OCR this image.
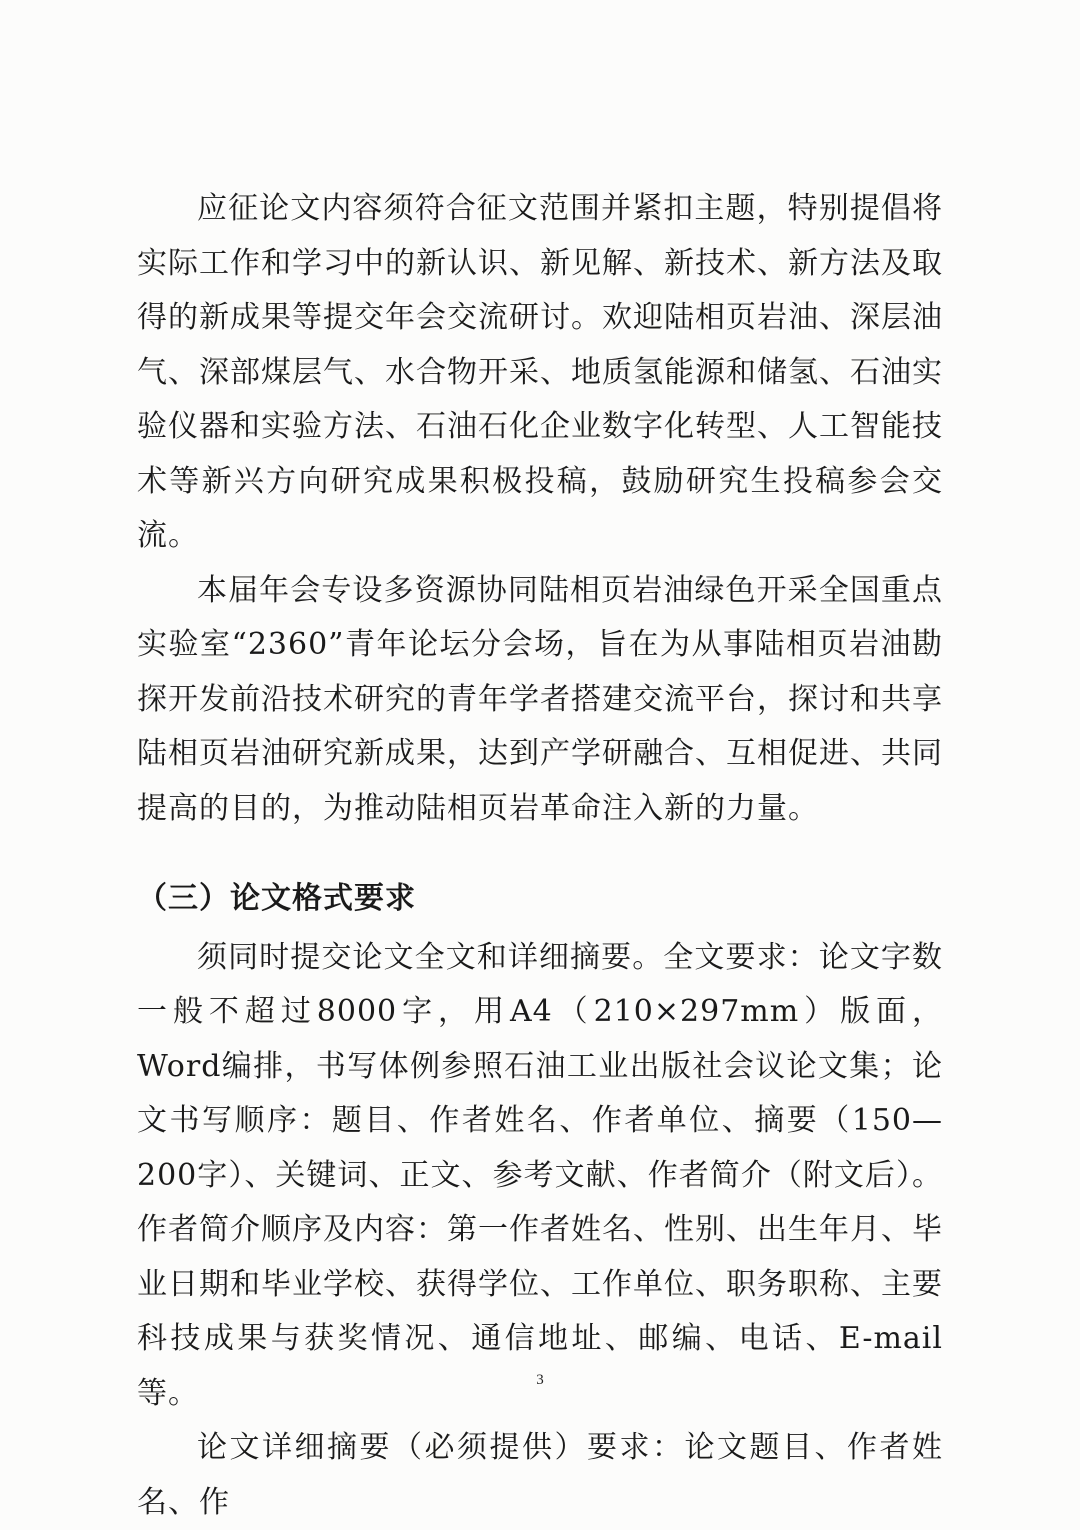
应征论文内容须符合征文范围并紧扣主题，特别提倡将实际工作和学习中的新认识、新见解、新技术、新方法及取得的新成果等提交年会交流研讨。欢迎陆相页岩油、深层油气、深部煤层气、水合物开采、地质氢能源和储氢、石油实验仪器和实验方法、石油石化企业数字化转型、人工智能技术等新兴方向研究成果积极投稿，鼓励研究生投稿参会交流。

本届年会专设多资源协同陆相页岩油绿色开采全国重点实验室“2360”青年论坛分会场，旨在为从事陆相页岩油勘探开发前沿技术研究的青年学者搭建交流平台，探讨和共享陆相页岩油研究新成果，达到产学研融合、互相促进、共同提高的目的，为推动陆相页岩革命注入新的力量。

（三）论文格式要求

须同时提交论文全文和详细摘要。全文要求：论文字数一般不超过8000字，用A4（210×297mm）版面，Word编排，书写体例参照石油工业出版社会议论文集；论文书写顺序：题目、作者姓名、作者单位、摘要（150—200字）、关键词、正文、参考文献、作者简介（附文后）。作者简介顺序及内容：第一作者姓名、性别、出生年月、毕业日期和毕业学校、获得学位、工作单位、职务职称、主要科技成果与获奖情况、通信地址、邮编、电话、E-mail等。

论文详细摘要（必须提供）要求：论文题目、作者姓名、作

3
